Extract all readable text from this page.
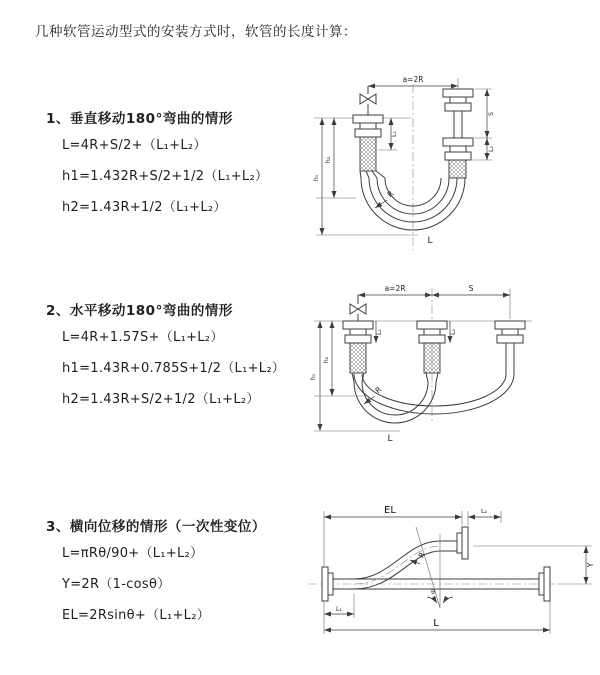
几种软管运动型式的安装方式时，软管的长度计算：
1、垂直移动180°弯曲的情形

L=4R+S/2+（L₁+L₂）

h1=1.432R+S/2+1/2（L₁+L₂）

h2=1.43R+1/2（L₁+L₂）

2、水平移动180°弯曲的情形

L=4R+1.57S+（L₁+L₂）

h1=1.43R+0.785S+1/2（L₁+L₂）

h2=1.43R+S/2+1/2（L₁+L₂）

3、横向位移的情形（一次性变位）

L=πRθ/90+（L₁+L₂）

Y=2R（1-cosθ）

EL=2Rsinθ+（L₁+L₂）

a=2R
L₁
h₁
h₂
S
L₂
R
L
a=2R	S
h₁
h₂
L₁	L₂
R
L
EL	L₂
θ
R
Y
L₁
L
